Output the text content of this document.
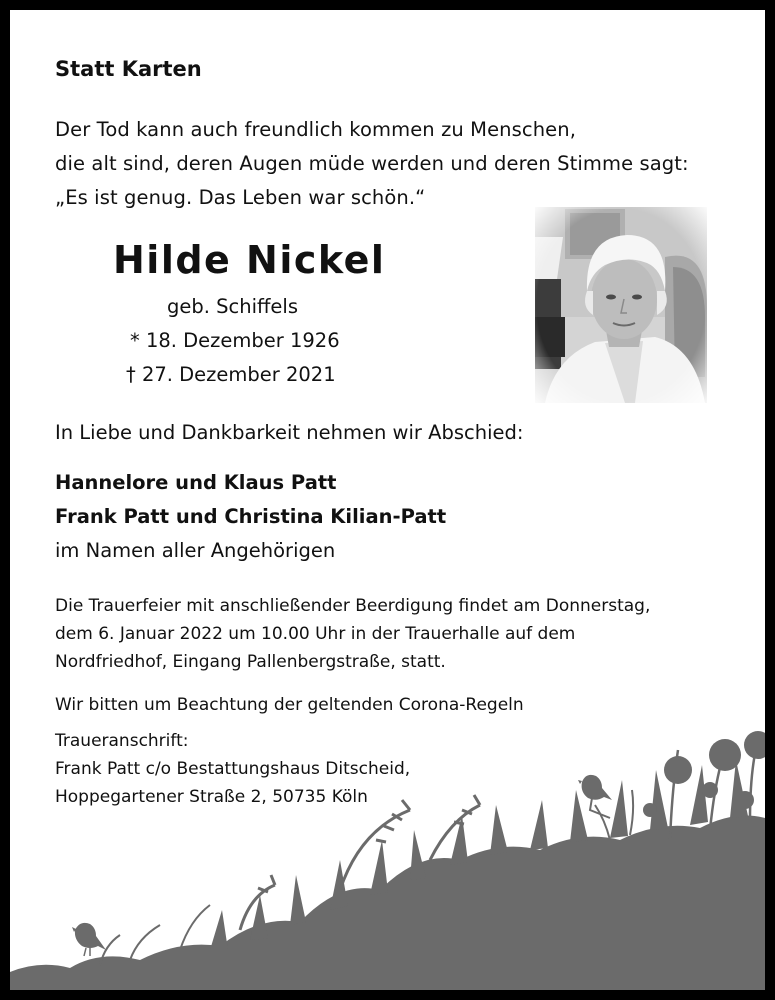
Statt Karten
Der Tod kann auch freundlich kommen zu Menschen,
die alt sind, deren Augen müde werden und deren Stimme sagt:
„Es ist genug. Das Leben war schön.“
Hilde Nickel
geb. Schiffels
* 18. Dezember 1926
† 27. Dezember 2021
In Liebe und Dankbarkeit nehmen wir Abschied:
Hannelore und Klaus Patt
Frank Patt und Christina Kilian-Patt
im Namen aller Angehörigen
Die Trauerfeier mit anschließender Beerdigung findet am Donnerstag,
dem 6. Januar 2022 um 10.00 Uhr in der Trauerhalle auf dem
Nordfriedhof, Eingang Pallenbergstraße, statt.
Wir bitten um Beachtung der geltenden Corona-Regeln
Traueranschrift:
Frank Patt c/o Bestattungshaus Ditscheid,
Hoppegartener Straße 2, 50735 Köln
